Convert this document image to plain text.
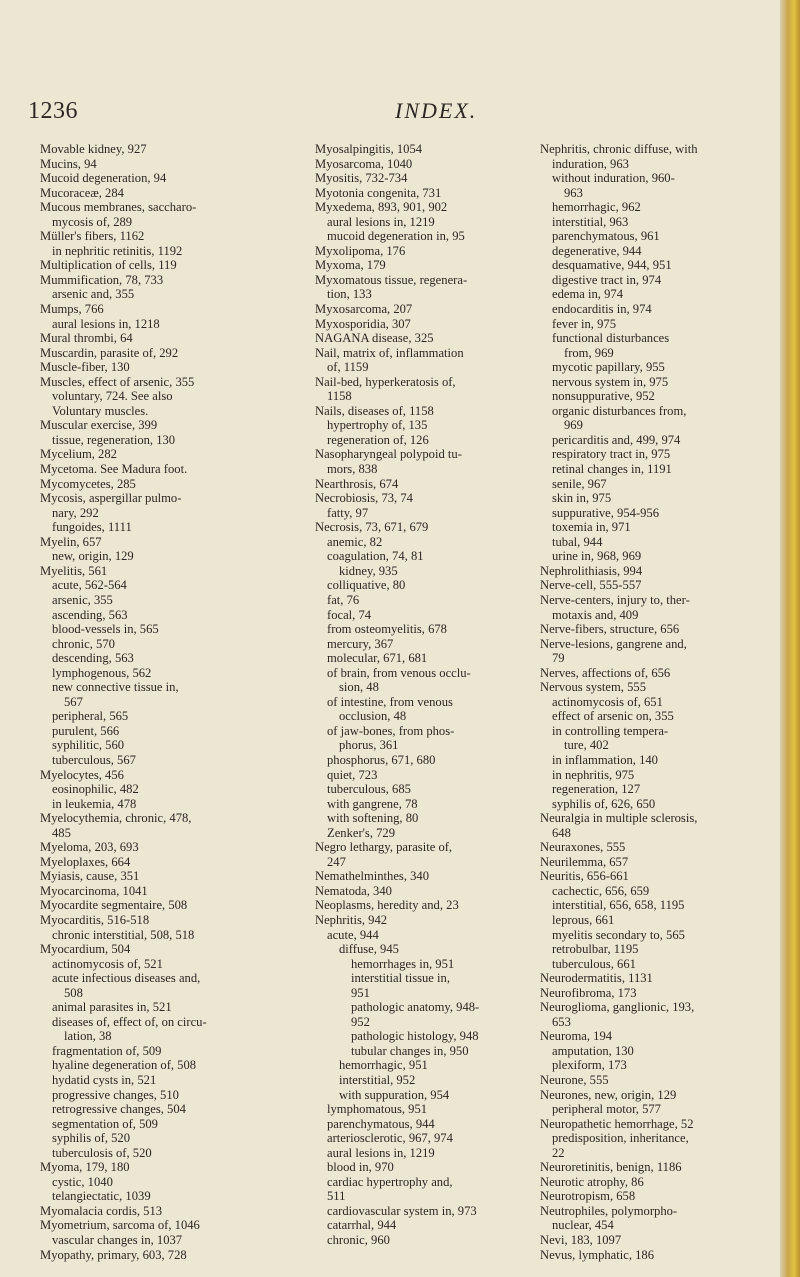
1236	INDEX.
Movable kidney, 927
Mucins, 94
Mucoid degeneration, 94
Mucoraceæ, 284
Mucous membranes, saccharo-
mycosis of, 289
Müller's fibers, 1162
in nephritic retinitis, 1192
Multiplication of cells, 119
Mummification, 78, 733
arsenic and, 355
Mumps, 766
aural lesions in, 1218
Mural thrombi, 64
Muscardin, parasite of, 292
Muscle-fiber, 130
Muscles, effect of arsenic, 355
voluntary, 724. See also
Voluntary muscles.
Muscular exercise, 399
tissue, regeneration, 130
Mycelium, 282
Mycetoma. See Madura foot.
Mycomycetes, 285
Mycosis, aspergillar pulmo-
nary, 292
fungoides, 1111
Myelin, 657
new, origin, 129
Myelitis, 561
acute, 562-564
arsenic, 355
ascending, 563
blood-vessels in, 565
chronic, 570
descending, 563
lymphogenous, 562
new connective tissue in,
567
peripheral, 565
purulent, 566
syphilitic, 560
tuberculous, 567
Myelocytes, 456
eosinophilic, 482
in leukemia, 478
Myelocythemia, chronic, 478,
485
Myeloma, 203, 693
Myeloplaxes, 664
Myiasis, cause, 351
Myocarcinoma, 1041
Myocardite segmentaire, 508
Myocarditis, 516-518
chronic interstitial, 508, 518
Myocardium, 504
actinomycosis of, 521
acute infectious diseases and,
508
animal parasites in, 521
diseases of, effect of, on circu-
lation, 38
fragmentation of, 509
hyaline degeneration of, 508
hydatid cysts in, 521
progressive changes, 510
retrogressive changes, 504
segmentation of, 509
syphilis of, 520
tuberculosis of, 520
Myoma, 179, 180
cystic, 1040
telangiectatic, 1039
Myomalacia cordis, 513
Myometrium, sarcoma of, 1046
vascular changes in, 1037
Myopathy, primary, 603, 728
Myosalpingitis, 1054
Myosarcoma, 1040
Myositis, 732-734
Myotonia congenita, 731
Myxedema, 893, 901, 902
aural lesions in, 1219
mucoid degeneration in, 95
Myxolipoma, 176
Myxoma, 179
Myxomatous tissue, regenera-
tion, 133
Myxosarcoma, 207
Myxosporidia, 307
NAGANA disease, 325
Nail, matrix of, inflammation
of, 1159
Nail-bed, hyperkeratosis of,
1158
Nails, diseases of, 1158
hypertrophy of, 135
regeneration of, 126
Nasopharyngeal polypoid tu-
mors, 838
Nearthrosis, 674
Necrobiosis, 73, 74
fatty, 97
Necrosis, 73, 671, 679
anemic, 82
coagulation, 74, 81
kidney, 935
colliquative, 80
fat, 76
focal, 74
from osteomyelitis, 678
mercury, 367
molecular, 671, 681
of brain, from venous occlu-
sion, 48
of intestine, from venous
occlusion, 48
of jaw-bones, from phos-
phorus, 361
phosphorus, 671, 680
quiet, 723
tuberculous, 685
with gangrene, 78
with softening, 80
Zenker's, 729
Negro lethargy, parasite of,
247
Nemathelminthes, 340
Nematoda, 340
Neoplasms, heredity and, 23
Nephritis, 942
acute, 944
diffuse, 945
hemorrhages in, 951
interstitial tissue in,
951
pathologic anatomy, 948-
952
pathologic histology, 948
tubular changes in, 950
hemorrhagic, 951
interstitial, 952
with suppuration, 954
lymphomatous, 951
parenchymatous, 944
arteriosclerotic, 967, 974
aural lesions in, 1219
blood in, 970
cardiac hypertrophy and,
511
cardiovascular system in, 973
catarrhal, 944
chronic, 960
Nephritis, chronic diffuse, with
induration, 963
without induration, 960-
963
hemorrhagic, 962
interstitial, 963
parenchymatous, 961
degenerative, 944
desquamative, 944, 951
digestive tract in, 974
edema in, 974
endocarditis in, 974
fever in, 975
functional disturbances
from, 969
mycotic papillary, 955
nervous system in, 975
nonsuppurative, 952
organic disturbances from,
969
pericarditis and, 499, 974
respiratory tract in, 975
retinal changes in, 1191
senile, 967
skin in, 975
suppurative, 954-956
toxemia in, 971
tubal, 944
urine in, 968, 969
Nephrolithiasis, 994
Nerve-cell, 555-557
Nerve-centers, injury to, ther-
motaxis and, 409
Nerve-fibers, structure, 656
Nerve-lesions, gangrene and,
79
Nerves, affections of, 656
Nervous system, 555
actinomycosis of, 651
effect of arsenic on, 355
in controlling tempera-
ture, 402
in inflammation, 140
in nephritis, 975
regeneration, 127
syphilis of, 626, 650
Neuralgia in multiple sclerosis,
648
Neuraxones, 555
Neurilemma, 657
Neuritis, 656-661
cachectic, 656, 659
interstitial, 656, 658, 1195
leprous, 661
myelitis secondary to, 565
retrobulbar, 1195
tuberculous, 661
Neurodermatitis, 1131
Neurofibroma, 173
Neuroglioma, ganglionic, 193,
653
Neuroma, 194
amputation, 130
plexiform, 173
Neurone, 555
Neurones, new, origin, 129
peripheral motor, 577
Neuropathetic hemorrhage, 52
predisposition, inheritance,
22
Neuroretinitis, benign, 1186
Neurotic atrophy, 86
Neurotropism, 658
Neutrophiles, polymorpho-
nuclear, 454
Nevi, 183, 1097
Nevus, lymphatic, 186
